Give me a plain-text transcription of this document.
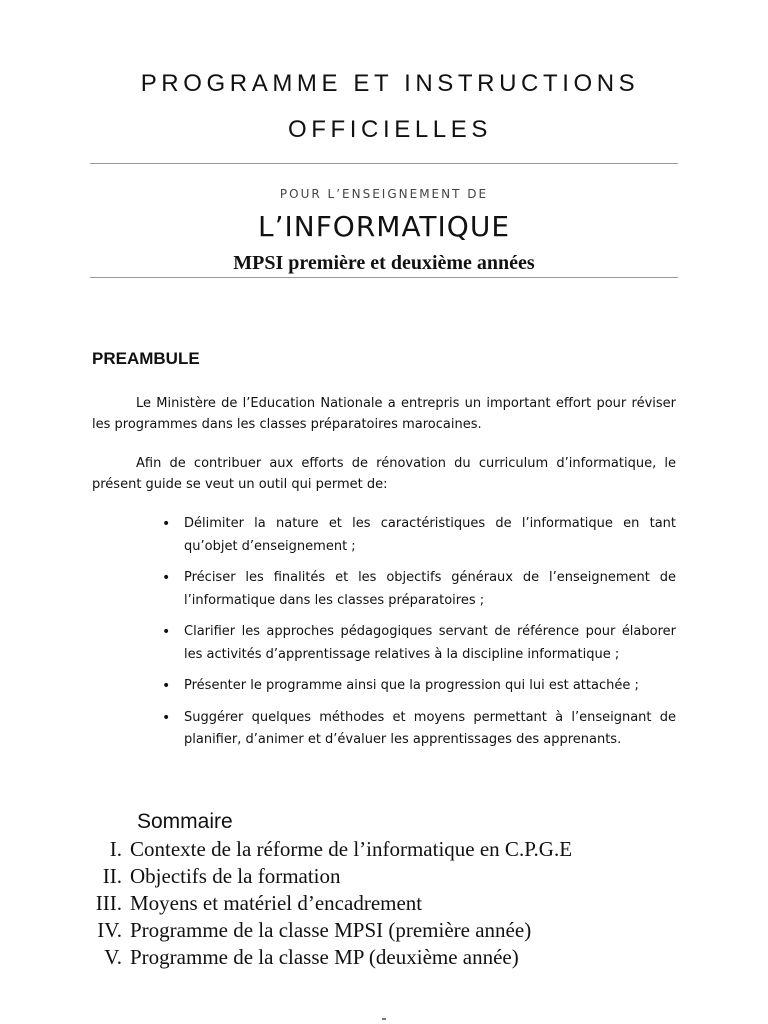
PROGRAMME ET INSTRUCTIONS
OFFICIELLES
POUR L’ENSEIGNEMENT DE
L’INFORMATIQUE
MPSI première et deuxième années
PREAMBULE

Le Ministère de l’Education Nationale a entrepris un important effort pour réviser les programmes dans les classes préparatoires marocaines.

Afin de contribuer aux efforts de rénovation du curriculum d’informatique, le présent guide se veut un outil qui permet de:

• Délimiter la nature et les caractéristiques de l’informatique en tant qu’objet d’enseignement ;
• Préciser les finalités et les objectifs généraux de l’enseignement de l’informatique dans les classes préparatoires ;
• Clarifier les approches pédagogiques servant de référence pour élaborer les activités d’apprentissage relatives à la discipline informatique ;
• Présenter le programme ainsi que la progression qui lui est attachée ;
• Suggérer quelques méthodes et moyens permettant à l’enseignant de planifier, d’animer et d’évaluer les apprentissages des apprenants.
Sommaire
I. Contexte de la réforme de l’informatique en C.P.G.E
II. Objectifs de la formation
III. Moyens et matériel d’encadrement
IV. Programme de la classe MPSI (première année)
V. Programme de la classe MP (deuxième année)
